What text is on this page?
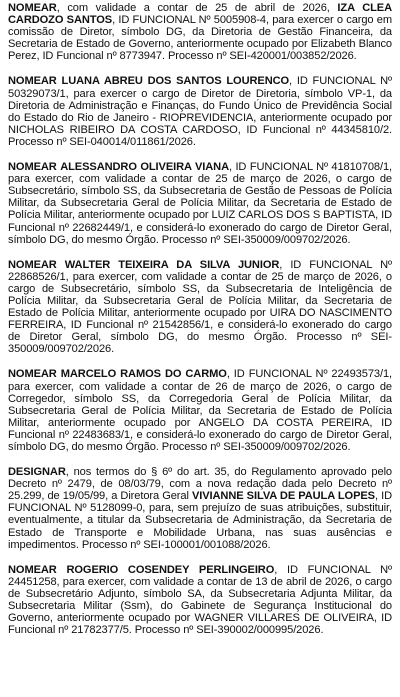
NOMEAR, com validade a contar de 25 de abril de 2026, IZA CLEA CARDOZO SANTOS, ID FUNCIONAL Nº 5005908-4, para exercer o cargo em comissão de Diretor, símbolo DG, da Diretoria de Gestão Financeira, da Secretaria de Estado de Governo, anteriormente ocupado por Elizabeth Blanco Perez, ID Funcional nº 8773947. Processo nº SEI-420001/003852/2026.

NOMEAR LUANA ABREU DOS SANTOS LOURENCO, ID FUNCIONAL Nº 50329073/1, para exercer o cargo de Diretor de Diretoria, símbolo VP-1, da Diretoria de Administração e Finanças, do Fundo Único de Previdência Social do Estado do Rio de Janeiro - RIOPREVIDENCIA, anteriormente ocupado por NICHOLAS RIBEIRO DA COSTA CARDOSO, ID Funcional nº 44345810/2. Processo nº SEI-040014/011861/2026.

NOMEAR ALESSANDRO OLIVEIRA VIANA, ID FUNCIONAL Nº 41810708/1, para exercer, com validade a contar de 25 de março de 2026, o cargo de Subsecretário, símbolo SS, da Subsecretaria de Gestão de Pessoas de Polícia Militar, da Subsecretaria Geral de Polícia Militar, da Secretaria de Estado de Polícia Militar, anteriormente ocupado por LUIZ CARLOS DOS S BAPTISTA, ID Funcional nº 22682449/1, e considerá-lo exonerado do cargo de Diretor Geral, símbolo DG, do mesmo Órgão. Processo nº SEI-350009/009702/2026.

NOMEAR WALTER TEIXEIRA DA SILVA JUNIOR, ID FUNCIONAL Nº 22868526/1, para exercer, com validade a contar de 25 de março de 2026, o cargo de Subsecretário, símbolo SS, da Subsecretaria de Inteligência de Polícia Militar, da Subsecretaria Geral de Polícia Militar, da Secretaria de Estado de Polícia Militar, anteriormente ocupado por UIRA DO NASCIMENTO FERREIRA, ID Funcional nº 21542856/1, e considerá-lo exonerado do cargo de Diretor Geral, símbolo DG, do mesmo Órgão. Processo nº SEI-350009/009702/2026.

NOMEAR MARCELO RAMOS DO CARMO, ID FUNCIONAL Nº 22493573/1, para exercer, com validade a contar de 26 de março de 2026, o cargo de Corregedor, símbolo SS, da Corregedoria Geral de Polícia Militar, da Subsecretaria Geral de Polícia Militar, da Secretaria de Estado de Polícia Militar, anteriormente ocupado por ANGELO DA COSTA PEREIRA, ID Funcional nº 22483683/1, e considerá-lo exonerado do cargo de Diretor Geral, símbolo DG, do mesmo Órgão. Processo nº SEI-350009/009702/2026.

DESIGNAR, nos termos do § 6º do art. 35, do Regulamento aprovado pelo Decreto nº 2479, de 08/03/79, com a nova redação dada pelo Decreto nº 25.299, de 19/05/99, a Diretora Geral VIVIANNE SILVA DE PAULA LOPES, ID FUNCIONAL Nº 5128099-0, para, sem prejuízo de suas atribuições, substituir, eventualmente, a titular da Subsecretaria de Administração, da Secretaria de Estado de Transporte e Mobilidade Urbana, nas suas ausências e impedimentos. Processo nº SEI-100001/001088/2026.

NOMEAR ROGERIO COSENDEY PERLINGEIRO, ID FUNCIONAL Nº 24451258, para exercer, com validade a contar de 13 de abril de 2026, o cargo de Subsecretário Adjunto, símbolo SA, da Subsecretaria Adjunta Militar, da Subsecretaria Militar (Ssm), do Gabinete de Segurança Institucional do Governo, anteriormente ocupado por WAGNER VILLARES DE OLIVEIRA, ID Funcional nº 21782377/5. Processo nº SEI-390002/000995/2026.
